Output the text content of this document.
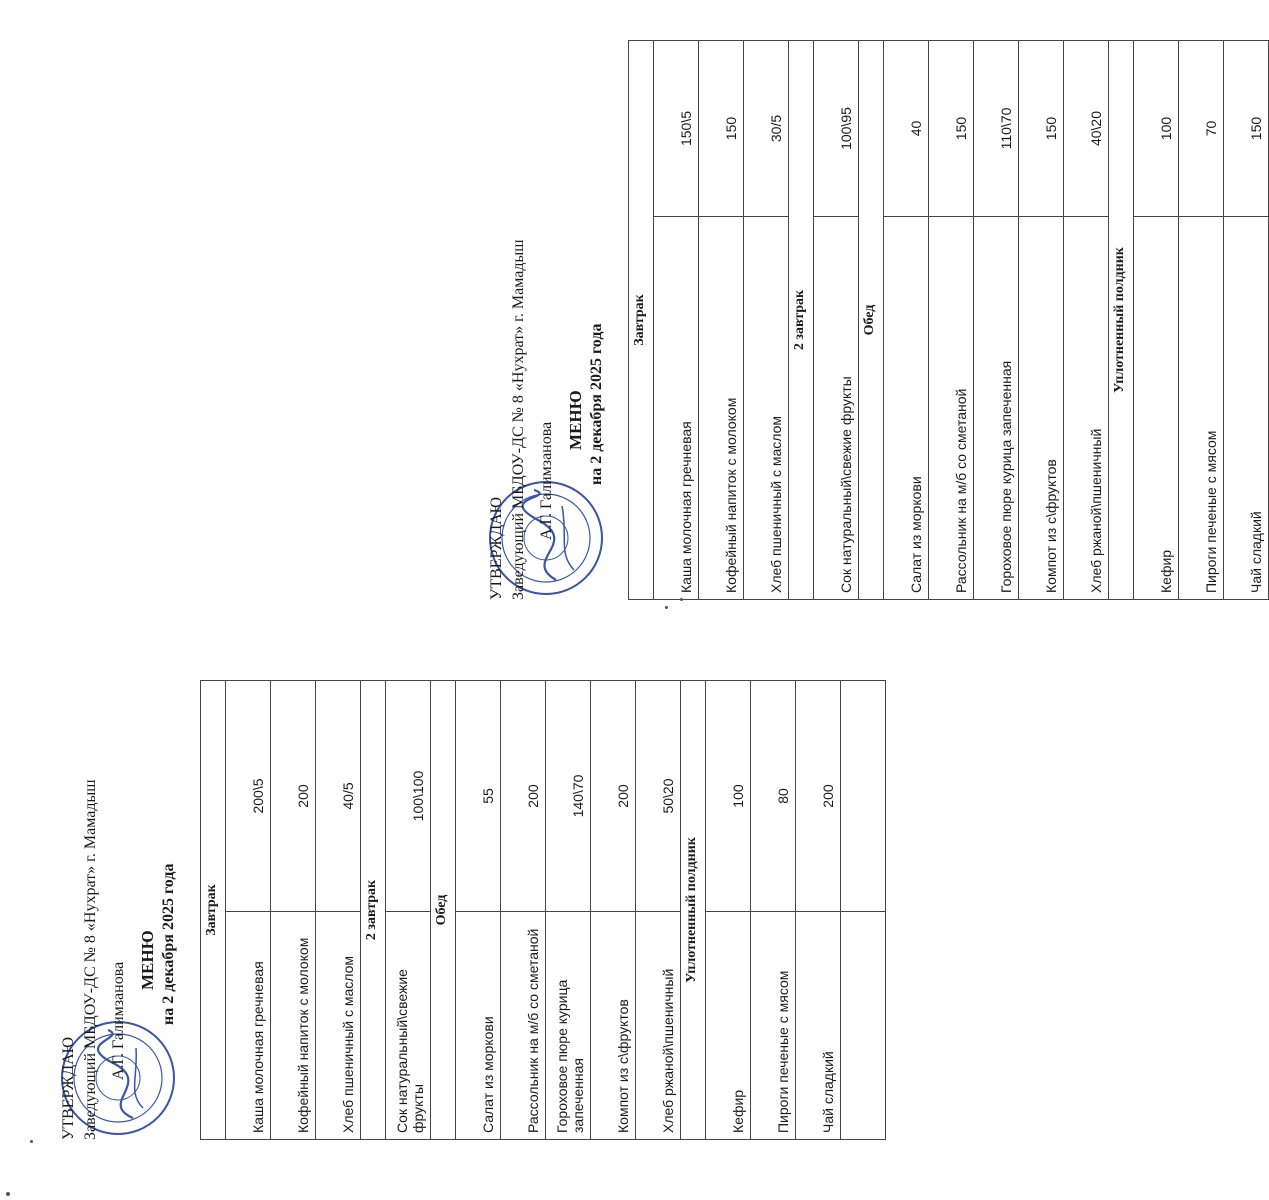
УТВЕРЖДАЮ Заведующий МБДОУ-ДС № 8 «Нухрат» г. Мамадыш А.Г. Галимзанова
МЕНЮ на 2 декабря 2025 года Завтрак	
Каша молочная гречневая	200\5
Кофейный напиток с молоком	200
Хлеб пшеничный с маслом	40/5
2 завтрак	
Сок натуральный\свежие фрукты	100\100
Обед	
Салат из моркови	55
Рассольник на м/б со сметаной	200
Гороховое пюре курица запеченная	140\70
Компот из с\фруктов	200
Хлеб ржаной\пшеничный	50\20
Уплотненный полдник	
Кефир	100
Пироги печеные с мясом	80
Чай сладкий	200

УТВЕРЖДАЮ Заведующий МБДОУ-ДС № 8 «Нухрат» г. Мамадыш А.Г. Галимзанова
МЕНЮ на 2 декабря 2025 года
Завтрак	
Каша молочная гречневая	150\5
Кофейный напиток с молоком	150
Хлеб пшеничный с маслом	30/5
2 завтрак	
Сок натуральный\свежие фрукты	100\95
Обед	
Салат из моркови	40
Рассольник на м/б со сметаной	150
Гороховое пюре курица запеченная	110\70
Компот из с\фруктов	150
Хлеб ржаной\пшеничный	40\20
Уплотненный полдник	
Кефир	100
Пироги печеные с мясом	70
Чай сладкий	150
